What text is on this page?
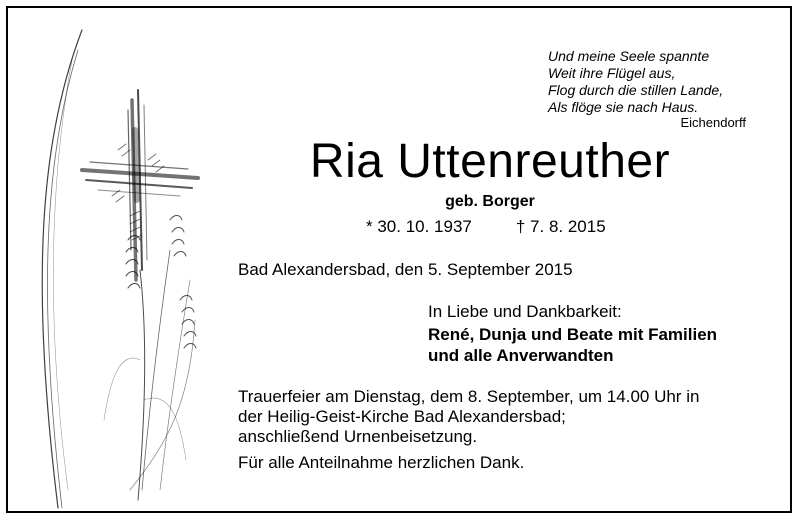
Und meine Seele spannte
Weit ihre Flügel aus,
Flog durch die stillen Lande,
Als flöge sie nach Haus.
Eichendorff
Ria Uttenreuther
geb. Borger
* 30. 10. 1937	† 7. 8. 2015
Bad Alexandersbad, den 5. September 2015
In Liebe und Dankbarkeit:
René, Dunja und Beate mit Familien
und alle Anverwandten
Trauerfeier am Dienstag, dem 8. September, um 14.00 Uhr in
der Heilig-Geist-Kirche Bad Alexandersbad;
anschließend Urnenbeisetzung.
Für alle Anteilnahme herzlichen Dank.
